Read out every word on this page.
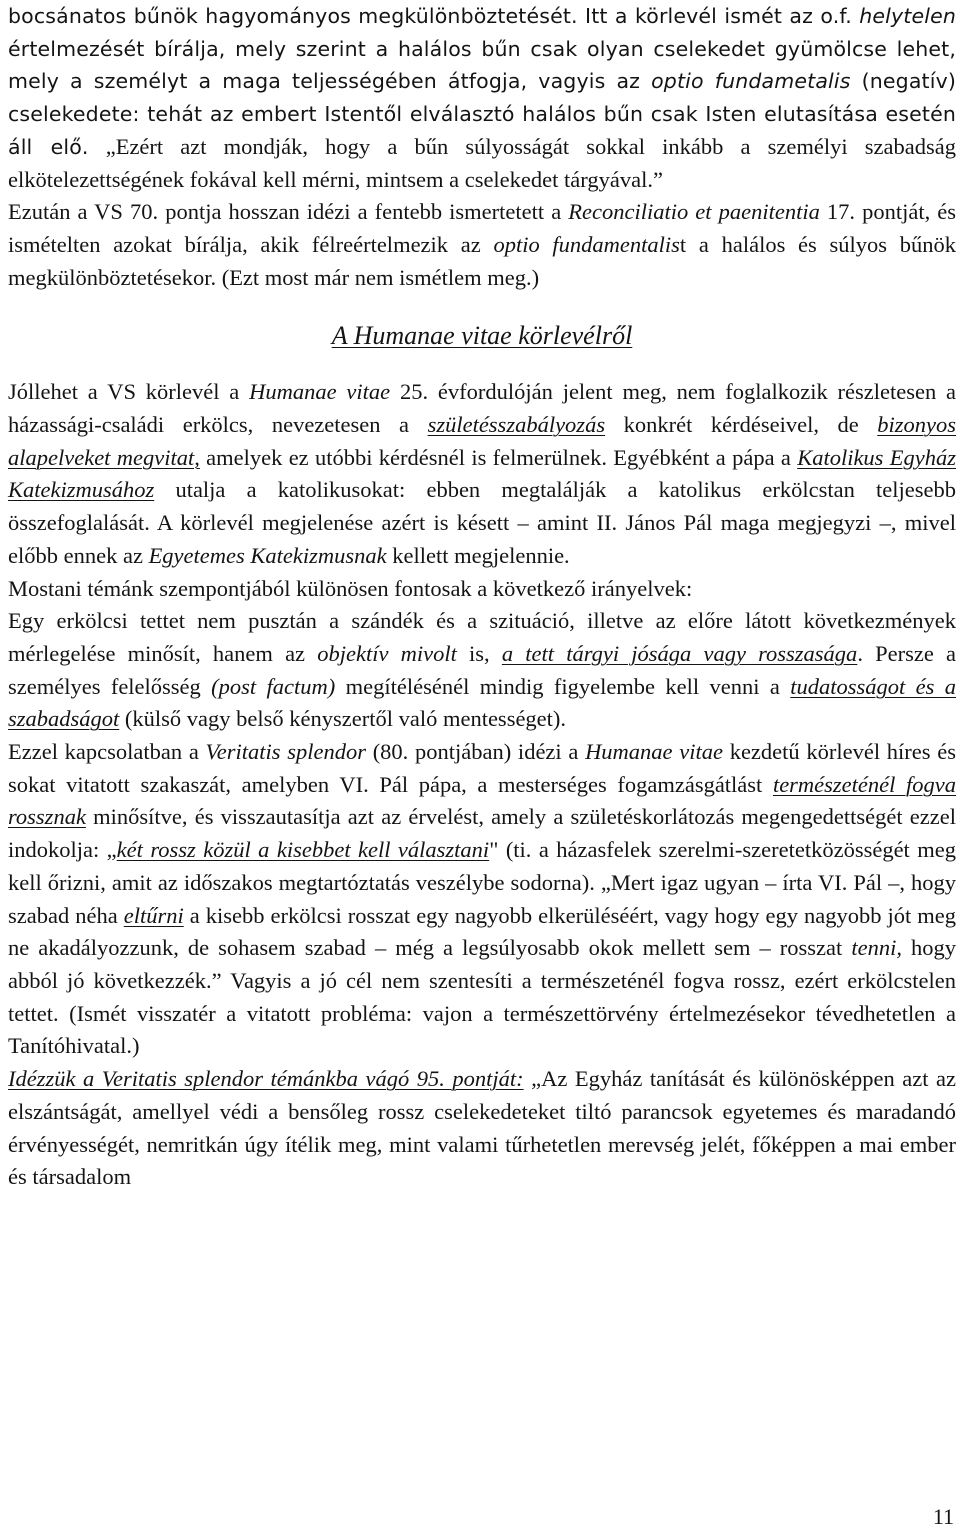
bocsánatos bűnök hagyományos megkülönböztetését. Itt a körlevél ismét az o.f. helytelen értelmezését bírálja, mely szerint a halálos bűn csak olyan cselekedet gyümölcse lehet, mely a személyt a maga teljességében átfogja, vagyis az optio fundametalis (negatív) cselekedete: tehát az embert Istentől elválasztó halálos bűn csak Isten elutasítása esetén áll elő. „Ezért azt mondják, hogy a bűn súlyosságát sokkal inkább a személyi szabadság elkötelezettségének fokával kell mérni, mintsem a cselekedet tárgyával.”

Ezután a VS 70. pontja hosszan idézi a fentebb ismertetett a Reconciliatio et paenitentia 17. pontját, és ismételten azokat bírálja, akik félreértelmezik az optio fundamentalist a halálos és súlyos bűnök megkülönböztetésekor. (Ezt most már nem ismétlem meg.)

A Humanae vitae körlevélről

Jóllehet a VS körlevél a Humanae vitae 25. évfordulóján jelent meg, nem foglalkozik részletesen a házassági-családi erkölcs, nevezetesen a születésszabályozás konkrét kérdéseivel, de bizonyos alapelveket megvitat, amelyek ez utóbbi kérdésnél is felmerülnek. Egyébként a pápa a Katolikus Egyház Katekizmusához utalja a katolikusokat: ebben megtalálják a katolikus erkölcstan teljesebb összefoglalását. A körlevél megjelenése azért is késett – amint II. János Pál maga megjegyzi –, mivel előbb ennek az Egyetemes Katekizmusnak kellett megjelennie.

Mostani témánk szempontjából különösen fontosak a következő irányelvek:

Egy erkölcsi tettet nem pusztán a szándék és a szituáció, illetve az előre látott következmények mérlegelése minősít, hanem az objektív mivolt is, a tett tárgyi jósága vagy rosszasága. Persze a személyes felelősség (post factum) megítélésénél mindig figyelembe kell venni a tudatosságot és a szabadságot (külső vagy belső kényszertől való mentességet).

Ezzel kapcsolatban a Veritatis splendor (80. pontjában) idézi a Humanae vitae kezdetű körlevél híres és sokat vitatott szakaszát, amelyben VI. Pál pápa, a mesterséges fogamzásgátlást természeténél fogva rossznak minősítve, és visszautasítja azt az érvelést, amely a születéskorlátozás megengedettségét ezzel indokolja: „két rossz közül a kisebbet kell választani" (ti. a házasfelek szerelmi-szeretetközösségét meg kell őrizni, amit az időszakos megtartóztatás veszélybe sodorna). „Mert igaz ugyan – írta VI. Pál –, hogy szabad néha eltűrni a kisebb erkölcsi rosszat egy nagyobb elkerüléséért, vagy hogy egy nagyobb jót meg ne akadályozzunk, de sohasem szabad – még a legsúlyosabb okok mellett sem – rosszat tenni, hogy abból jó következzék.” Vagyis a jó cél nem szentesíti a természeténél fogva rossz, ezért erkölcstelen tettet. (Ismét visszatér a vitatott probléma: vajon a természettörvény értelmezésekor tévedhetetlen a Tanítóhivatal.)

Idézzük a Veritatis splendor témánkba vágó 95. pontját: „Az Egyház tanítását és különösképpen azt az elszántságát, amellyel védi a bensőleg rossz cselekedeteket tiltó parancsok egyetemes és maradandó érvényességét, nemritkán úgy ítélik meg, mint valami tűrhetetlen merevség jelét, főképpen a mai ember és társadalom

11
